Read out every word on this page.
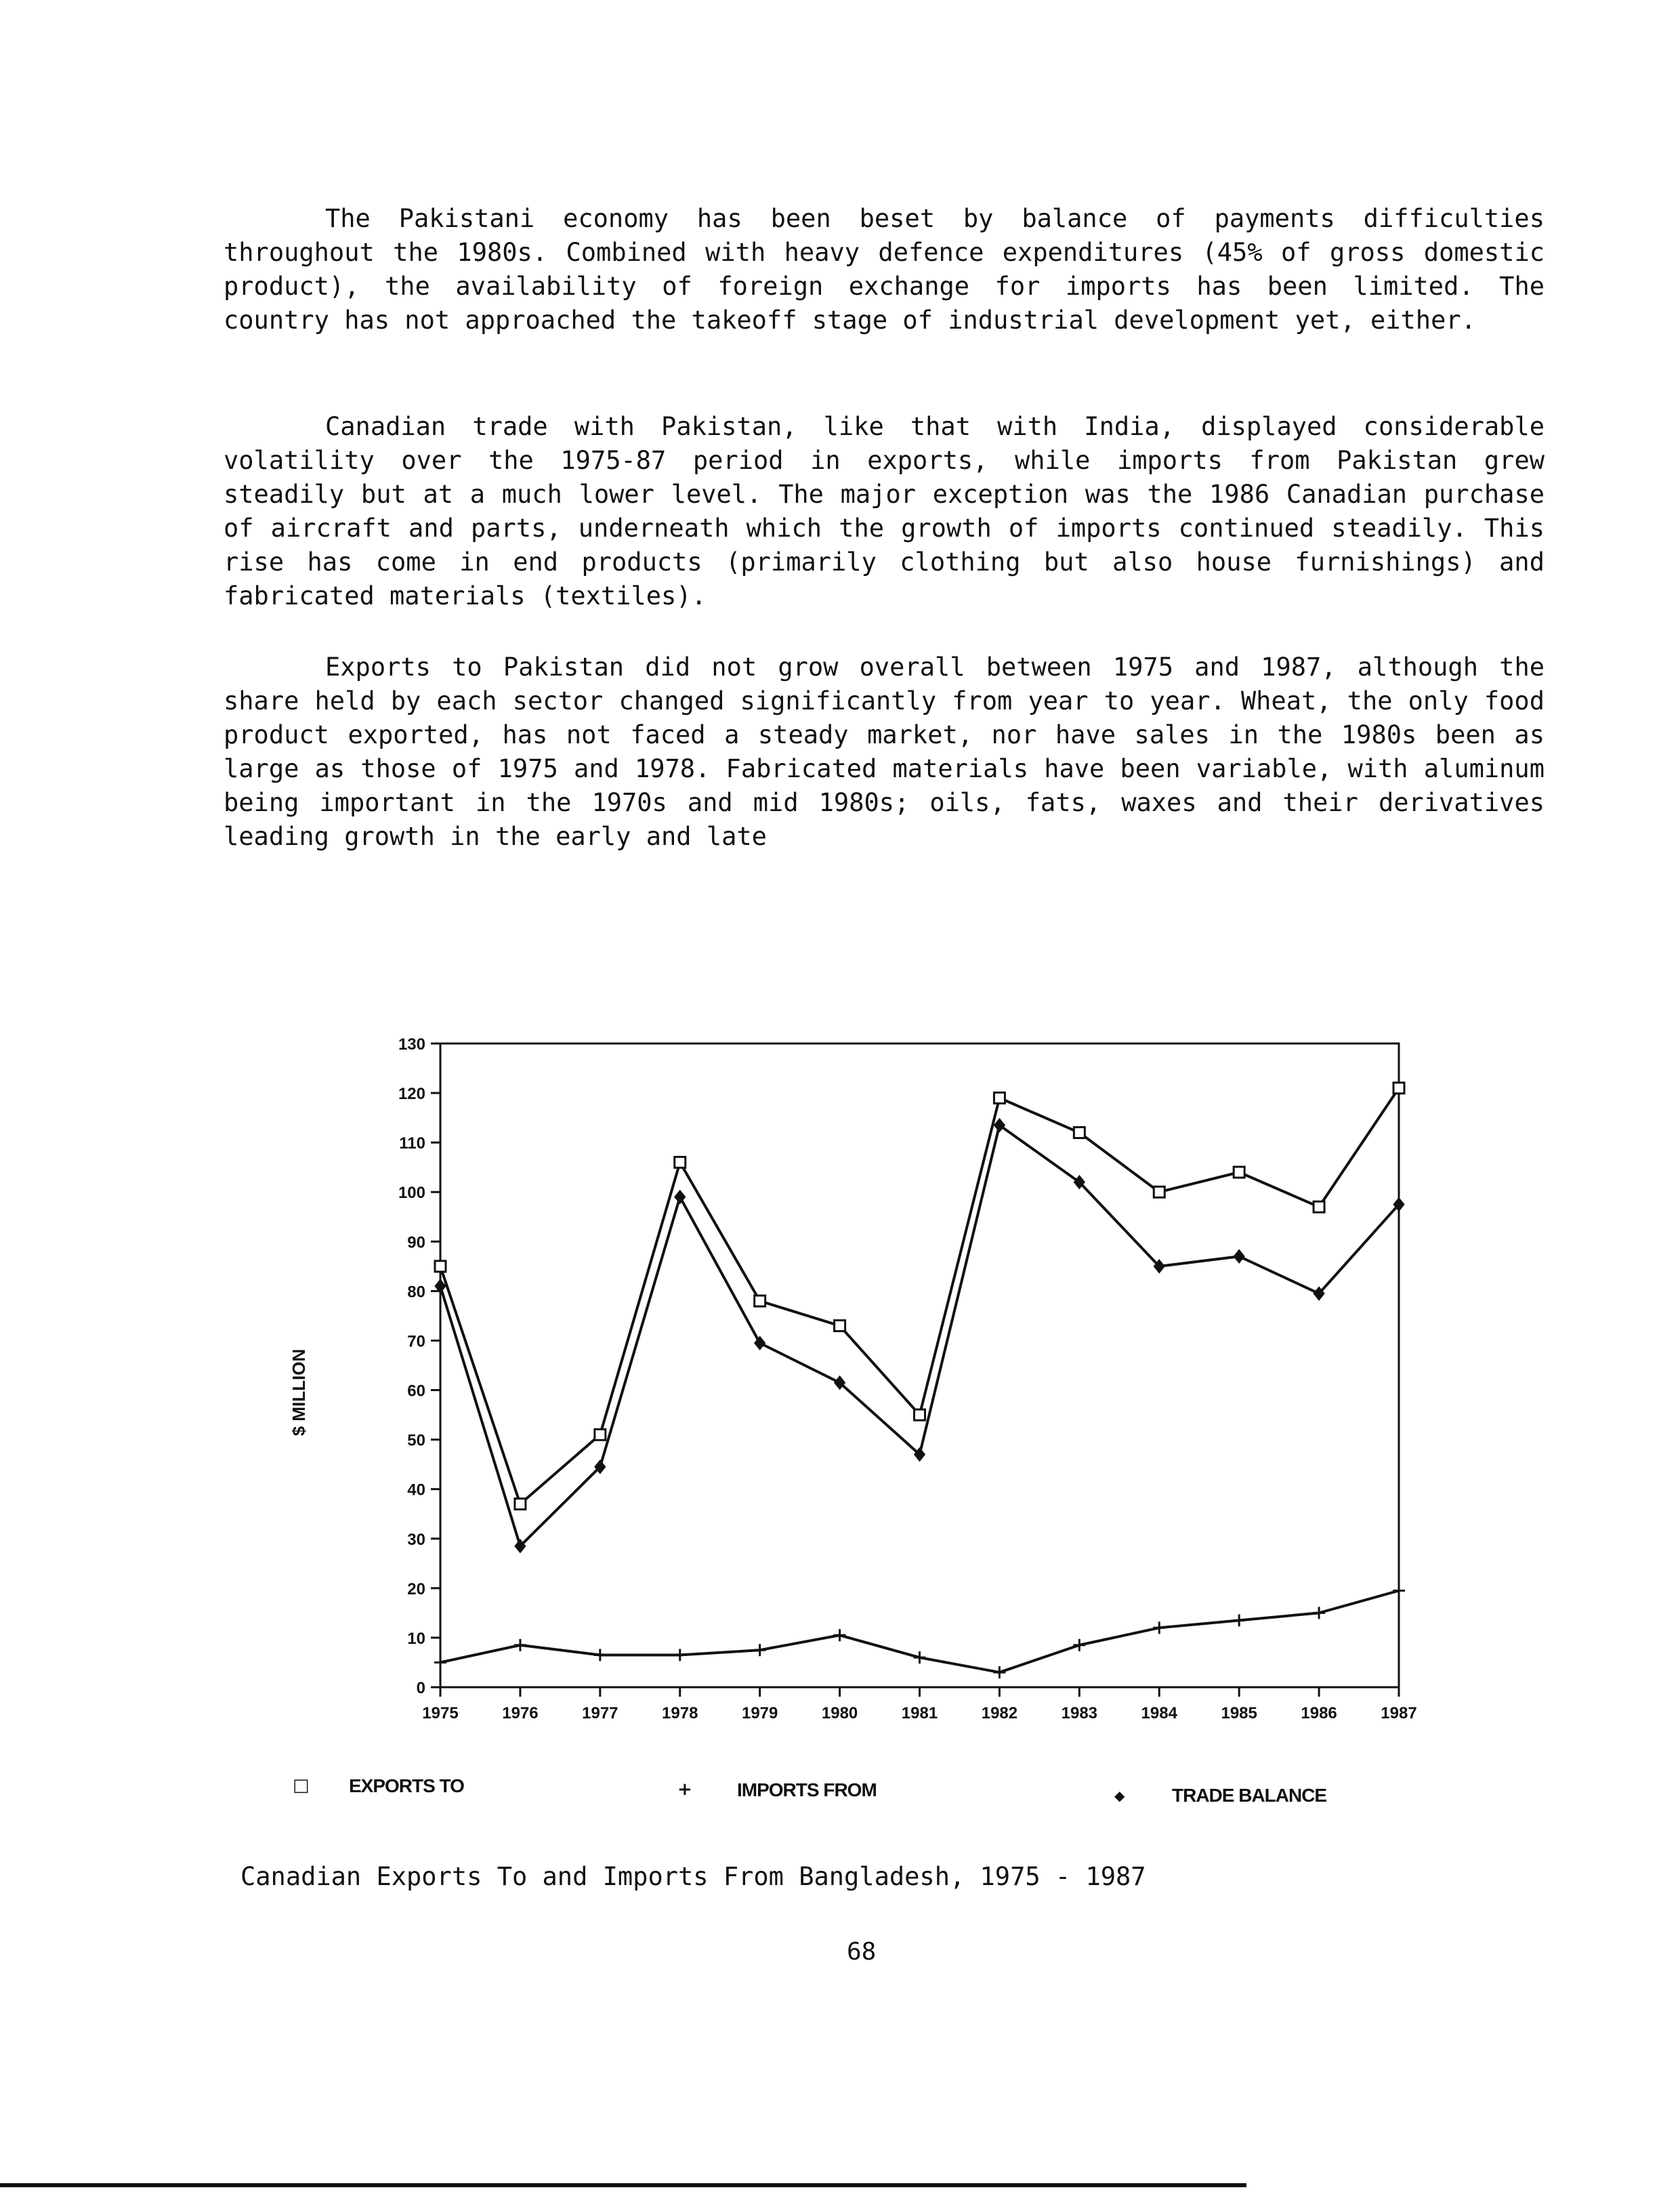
The Pakistani economy has been beset by balance of payments difficulties throughout the 1980s. Combined with heavy defence expenditures (45% of gross domestic product), the availability of foreign exchange for imports has been limited. The country has not approached the takeoff stage of industrial development yet, either.

Canadian trade with Pakistan, like that with India, displayed considerable volatility over the 1975-87 period in exports, while imports from Pakistan grew steadily but at a much lower level. The major exception was the 1986 Canadian purchase of aircraft and parts, underneath which the growth of imports continued steadily. This rise has come in end products (primarily clothing but also house furnishings) and fabricated materials (textiles).

Exports to Pakistan did not grow overall between 1975 and 1987, although the share held by each sector changed significantly from year to year. Wheat, the only food product exported, has not faced a steady market, nor have sales in the 1980s been as large as those of 1975 and 1978. Fabricated materials have been variable, with aluminum being important in the 1970s and mid 1980s; oils, fats, waxes and their derivatives leading growth in the early and late

0
10
20
30
40
50
60
70
80
90
100
110
120
130
1975	1976	1977	1978	1979	1980	1981	1982	1983	1984	1985	1986	1987
$ MILLION
□ EXPORTS TO	+ IMPORTS FROM	◆ TRADE BALANCE

Canadian Exports To and Imports From Bangladesh, 1975 - 1987

68
